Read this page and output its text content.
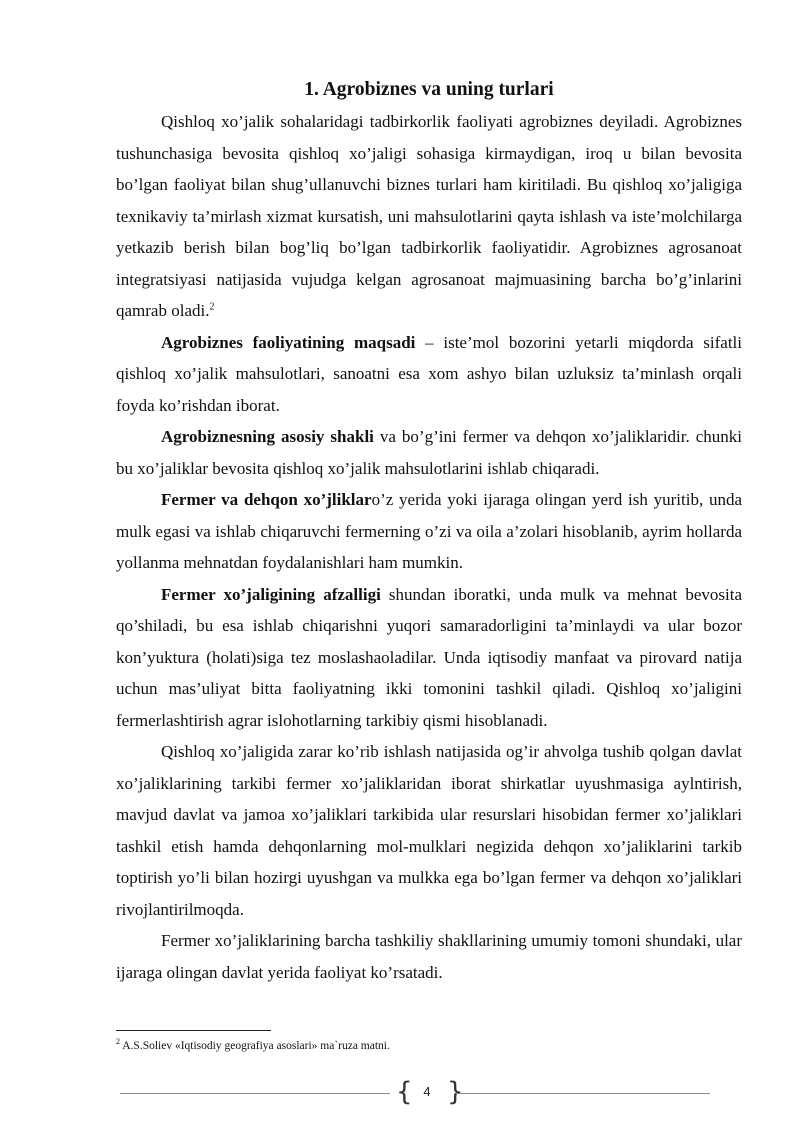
1. Agrobiznes va uning turlari

Qishloq xo’jalik sohalaridagi tadbirkorlik faoliyati agrobiznes deyiladi. Agrobiznes tushunchasiga bevosita qishloq xo’jaligi sohasiga kirmaydigan, iroq u bilan bevosita bo’lgan faoliyat bilan shug’ullanuvchi biznes turlari ham kiritiladi. Bu qishloq xo’jaligiga texnikaviy ta’mirlash xizmat kursatish, uni mahsulotlarini qayta ishlash va iste’molchilarga yetkazib berish bilan bog’liq bo’lgan tadbirkorlik faoliyatidir. Agrobiznes agrosanoat integratsiyasi natijasida vujudga kelgan agrosanoat majmuasining barcha bo’g’inlarini qamrab oladi.$^2$

Agrobiznes faoliyatining maqsadi – iste’mol bozorini yetarli miqdorda sifatli qishloq xo’jalik mahsulotlari, sanoatni esa xom ashyo bilan uzluksiz ta’minlash orqali foyda ko’rishdan iborat.

Agrobiznesning asosiy shakli va bo’g’ini fermer va dehqon xo’jaliklaridir. chunki bu xo’jaliklar bevosita qishloq xo’jalik mahsulotlarini ishlab chiqaradi.

Fermer va dehqon xo’jliklaro’z yerida yoki ijaraga olingan yerd ish yuritib, unda mulk egasi va ishlab chiqaruvchi fermerning o’zi va oila a’zolari hisoblanib, ayrim hollarda yollanma mehnatdan foydalanishlari ham mumkin.

Fermer xo’jaligining afzalligi shundan iboratki, unda mulk va mehnat bevosita qo’shiladi, bu esa ishlab chiqarishni yuqori samaradorligini ta’minlaydi va ular bozor kon’yuktura (holati)siga tez moslashaoladilar. Unda iqtisodiy manfaat va pirovard natija uchun mas’uliyat bitta faoliyatning ikki tomonini tashkil qiladi. Qishloq xo’jaligini fermerlashtirish agrar islohotlarning tarkibiy qismi hisoblanadi.

Qishloq xo’jaligida zarar ko’rib ishlash natijasida og’ir ahvolga tushib qolgan davlat xo’jaliklarining tarkibi fermer xo’jaliklaridan iborat shirkatlar uyushmasiga aylntirish, mavjud davlat va jamoa xo’jaliklari tarkibida ular resurslari hisobidan fermer xo’jaliklari tashkil etish hamda dehqonlarning mol-mulklari negizida dehqon xo’jaliklarini tarkib toptirish yo’li bilan hozirgi uyushgan va mulkka ega bo’lgan fermer va dehqon xo’jaliklari rivojlantirilmoqda.

Fermer xo’jaliklarining barcha tashkiliy shakllarining umumiy tomoni shundaki, ular ijaraga olingan davlat yerida faoliyat ko’rsatadi.

$^2$ A.S.Soliev «Iqtisodiy geografiya asoslari» ma`ruza matni.
{ 4 }
